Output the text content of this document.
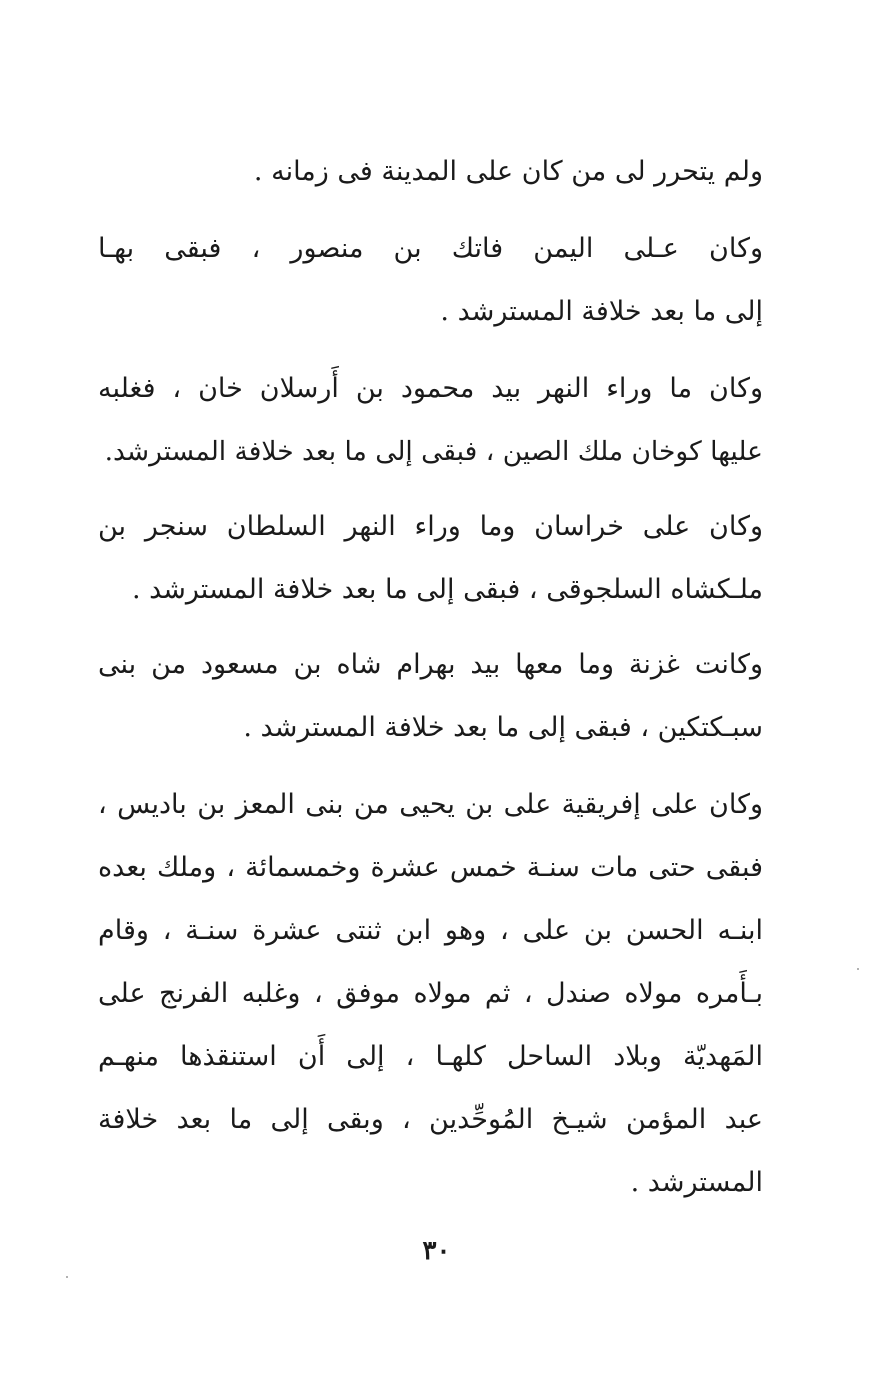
ولم يتحرر لى من كان على المدينة فى زمانه .

وكان عـلى اليمن فاتك بن منصور ، فبقى بهـا
إلى ما بعد خلافة المسترشد .

وكان ما وراء النهر بيد محمود بن أَرسلان خان ، فغلبه
عليها كوخان ملك الصين ، فبقى إلى ما بعد خلافة المسترشد.

وكان على خراسان وما وراء النهر السلطان سنجر بن
ملـكشاه السلجوقى ، فبقى إلى ما بعد خلافة المسترشد .

وكانت غزنة وما معها بيد بهرام شاه بن مسعود من بنى
سبـكتكين ، فبقى إلى ما بعد خلافة المسترشد .

وكان على إفريقية على بن يحيى من بنى المعز بن باديس ،
فبقى حتى مات سنـة خمس عشرة وخمسمائة ، وملك بعده
ابنـه الحسن بن على ، وهو ابن ثنتى عشرة سنـة ، وقام
بـأَمره مولاه صندل ، ثم مولاه موفق ، وغلبه الفرنج على
المَهديّة وبلاد الساحل كلهـا ، إلى أَن استنقذها منهـم
عبد المؤمن شيـخ المُوحِّدين ، وبقى إلى ما بعد خلافة
المسترشد .

٣٠
